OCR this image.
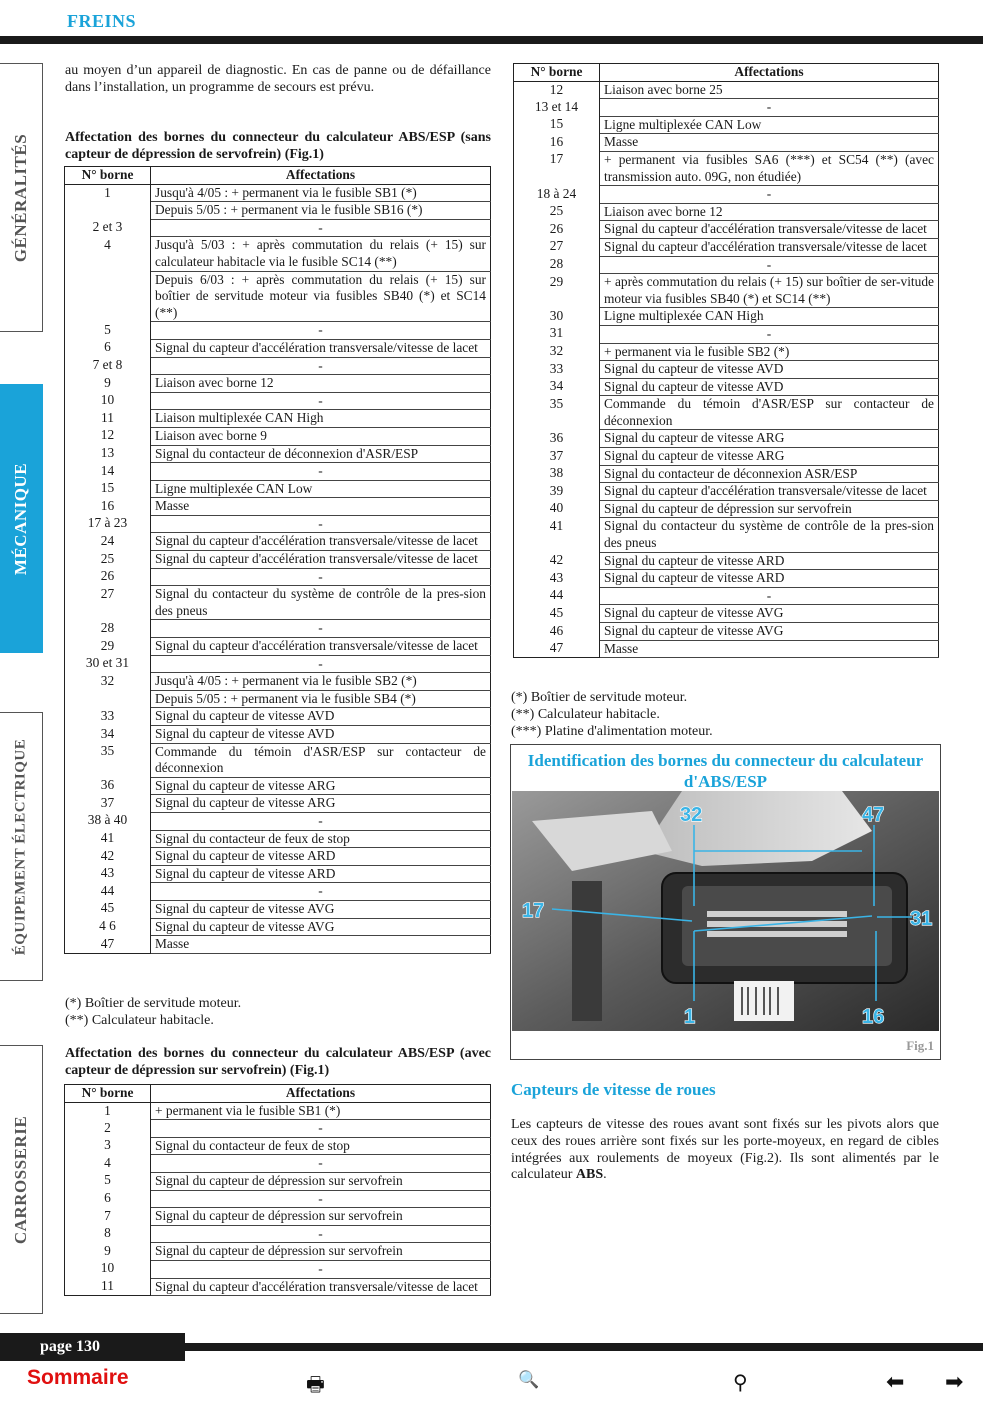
FREINS
GÉNÉRALITÉS
MÉCANIQUE
ÉQUIPEMENT ÉLECTRIQUE
CARROSSERIE
au moyen d’un appareil de diagnostic. En cas de panne ou de défaillance dans l’installation, un programme de secours est prévu.
Affectation des bornes du connecteur du calculateur ABS/ESP (sans capteur de dépression de servofrein) (Fig.1)
N° borne	Affectations
1	Jusqu'à 4/05 : + permanent via le fusible SB1 (*)
	Depuis 5/05 : + permanent via le fusible SB16 (*)
2 et 3	-
4	Jusqu'à 5/03 : + après commutation du relais (+ 15) sur calculateur habitacle via le fusible SC14 (**)
	Depuis 6/03 : + après commutation du relais (+ 15) sur boîtier de servitude moteur via fusibles SB40 (*) et SC14 (**)
5	-
6	Signal du capteur d'accélération transversale/vitesse de lacet
7 et 8	-
9	Liaison avec borne 12
10	-
11	Liaison multiplexée CAN High
12	Liaison avec borne 9
13	Signal du contacteur de déconnexion d'ASR/ESP
14	-
15	Ligne multiplexée CAN Low
16	Masse
17 à 23	-
24	Signal du capteur d'accélération transversale/vitesse de lacet
25	Signal du capteur d'accélération transversale/vitesse de lacet
26	-
27	Signal du contacteur du système de contrôle de la pres-sion des pneus
28	-
29	Signal du capteur d'accélération transversale/vitesse de lacet
30 et 31	-
32	Jusqu'à 4/05 : + permanent via le fusible SB2 (*)
	Depuis 5/05 : + permanent via le fusible SB4 (*)
33	Signal du capteur de vitesse AVD
34	Signal du capteur de vitesse AVD
35	Commande du témoin d'ASR/ESP sur contacteur de déconnexion
36	Signal du capteur de vitesse ARG
37	Signal du capteur de vitesse ARG
38 à 40	-
41	Signal du contacteur de feux de stop
42	Signal du capteur de vitesse ARD
43	Signal du capteur de vitesse ARD
44	-
45	Signal du capteur de vitesse AVG
4 6	Signal du capteur de vitesse AVG
47	Masse
(*) Boîtier de servitude moteur.
(**) Calculateur habitacle.
Affectation des bornes du connecteur du calculateur ABS/ESP (avec capteur de dépression sur servofrein) (Fig.1)
N° borne	Affectations
1	+ permanent via le fusible SB1 (*)
2	-
3	Signal du contacteur de feux de stop
4	-
5	Signal du capteur de dépression sur servofrein
6	-
7	Signal du capteur de dépression sur servofrein
8	-
9	Signal du capteur de dépression sur servofrein
10	-
11	Signal du capteur d'accélération transversale/vitesse de lacet
N° borne	Affectations
12	Liaison avec borne 25
13 et 14	-
15	Ligne multiplexée CAN Low
16	Masse
17	+ permanent via fusibles SA6 (***) et SC54 (**) (avec transmission auto. 09G, non étudiée)
18 à 24	-
25	Liaison avec borne 12
26	Signal du capteur d'accélération transversale/vitesse de lacet
27	Signal du capteur d'accélération transversale/vitesse de lacet
28	-
29	+ après commutation du relais (+ 15) sur boîtier de ser-vitude moteur via fusibles SB40 (*) et SC14 (**)
30	Ligne multiplexée CAN High
31	-
32	+ permanent via le fusible SB2 (*)
33	Signal du capteur de vitesse AVD
34	Signal du capteur de vitesse AVD
35	Commande du témoin d'ASR/ESP sur contacteur de déconnexion
36	Signal du capteur de vitesse ARG
37	Signal du capteur de vitesse ARG
38	Signal du contacteur de déconnexion ASR/ESP
39	Signal du capteur d'accélération transversale/vitesse de lacet
40	Signal du capteur de dépression sur servofrein
41	Signal du contacteur du système de contrôle de la pres-sion des pneus
42	Signal du capteur de vitesse ARD
43	Signal du capteur de vitesse ARD
44	-
45	Signal du capteur de vitesse AVG
46	Signal du capteur de vitesse AVG
47	Masse
(*) Boîtier de servitude moteur.
(**) Calculateur habitacle.
(***) Platine d'alimentation moteur.
Identification des bornes du connecteur du calculateur d'ABS/ESP
32	47
17	31
1	16
Fig.1
Capteurs de vitesse de roues
Les capteurs de vitesse des roues avant sont fixés sur les pivots alors que ceux des roues arrière sont fixés sur les porte-moyeux, en regard de cibles intégrées aux roulements de moyeux (Fig.2). Ils sont alimentés par le calculateur ABS.
page 130
Sommaire	🖶	🔍	⚲	⬅ ➡
